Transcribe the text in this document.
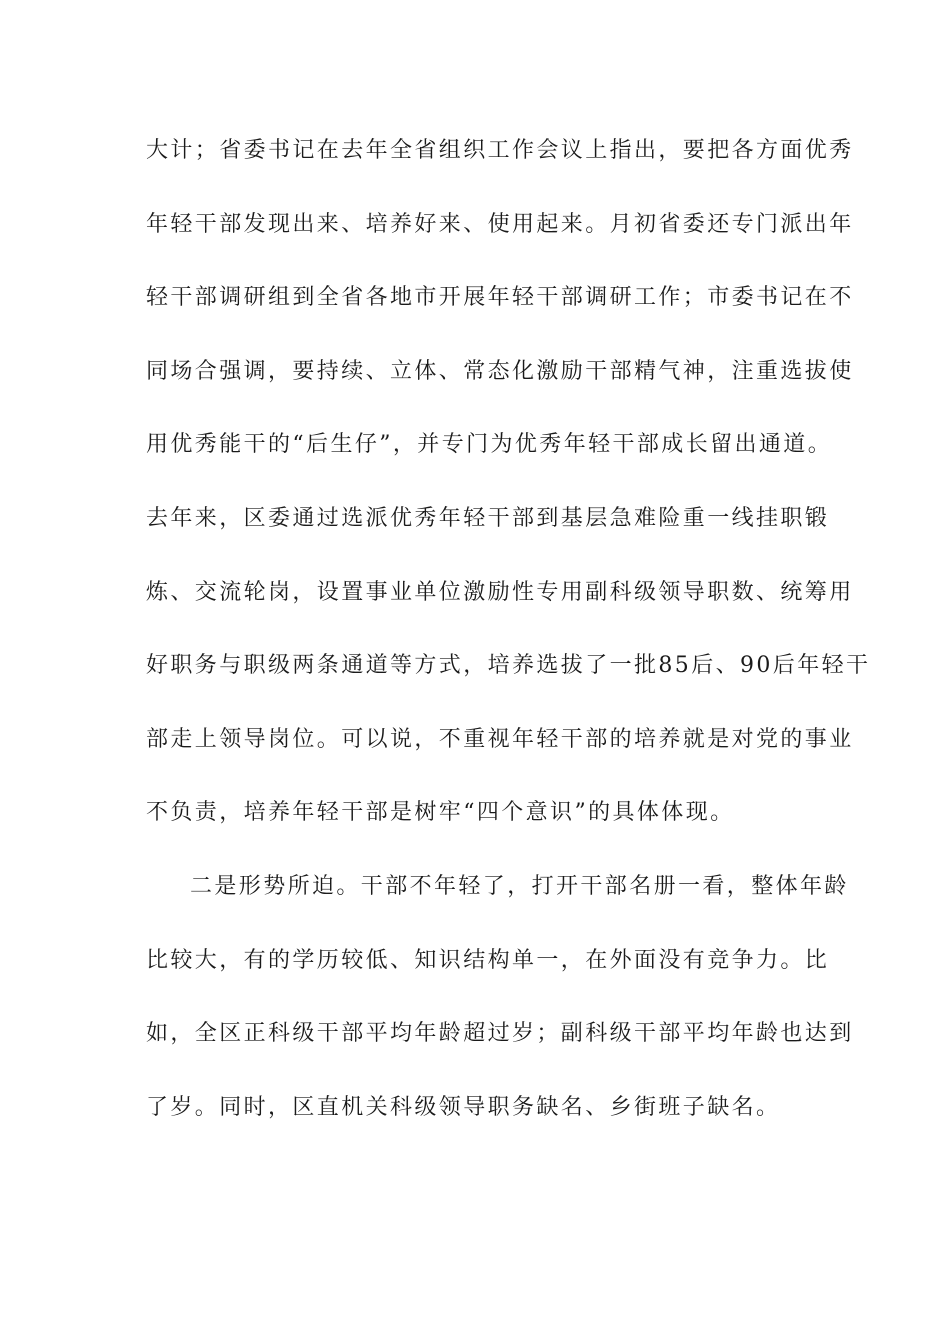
大计；省委书记在去年全省组织工作会议上指出，要把各方面优秀
年轻干部发现出来、培养好来、使用起来。月初省委还专门派出年
轻干部调研组到全省各地市开展年轻干部调研工作；市委书记在不
同场合强调，要持续、立体、常态化激励干部精气神，注重选拔使
用优秀能干的“后生仔”，并专门为优秀年轻干部成长留出通道。
去年来，区委通过选派优秀年轻干部到基层急难险重一线挂职锻
炼、交流轮岗，设置事业单位激励性专用副科级领导职数、统筹用
好职务与职级两条通道等方式，培养选拔了一批85后、90后年轻干
部走上领导岗位。可以说，不重视年轻干部的培养就是对党的事业
不负责，培养年轻干部是树牢“四个意识”的具体体现。
二是形势所迫。干部不年轻了，打开干部名册一看，整体年龄
比较大，有的学历较低、知识结构单一，在外面没有竞争力。比
如，全区正科级干部平均年龄超过岁；副科级干部平均年龄也达到
了岁。同时，区直机关科级领导职务缺名、乡街班子缺名。
